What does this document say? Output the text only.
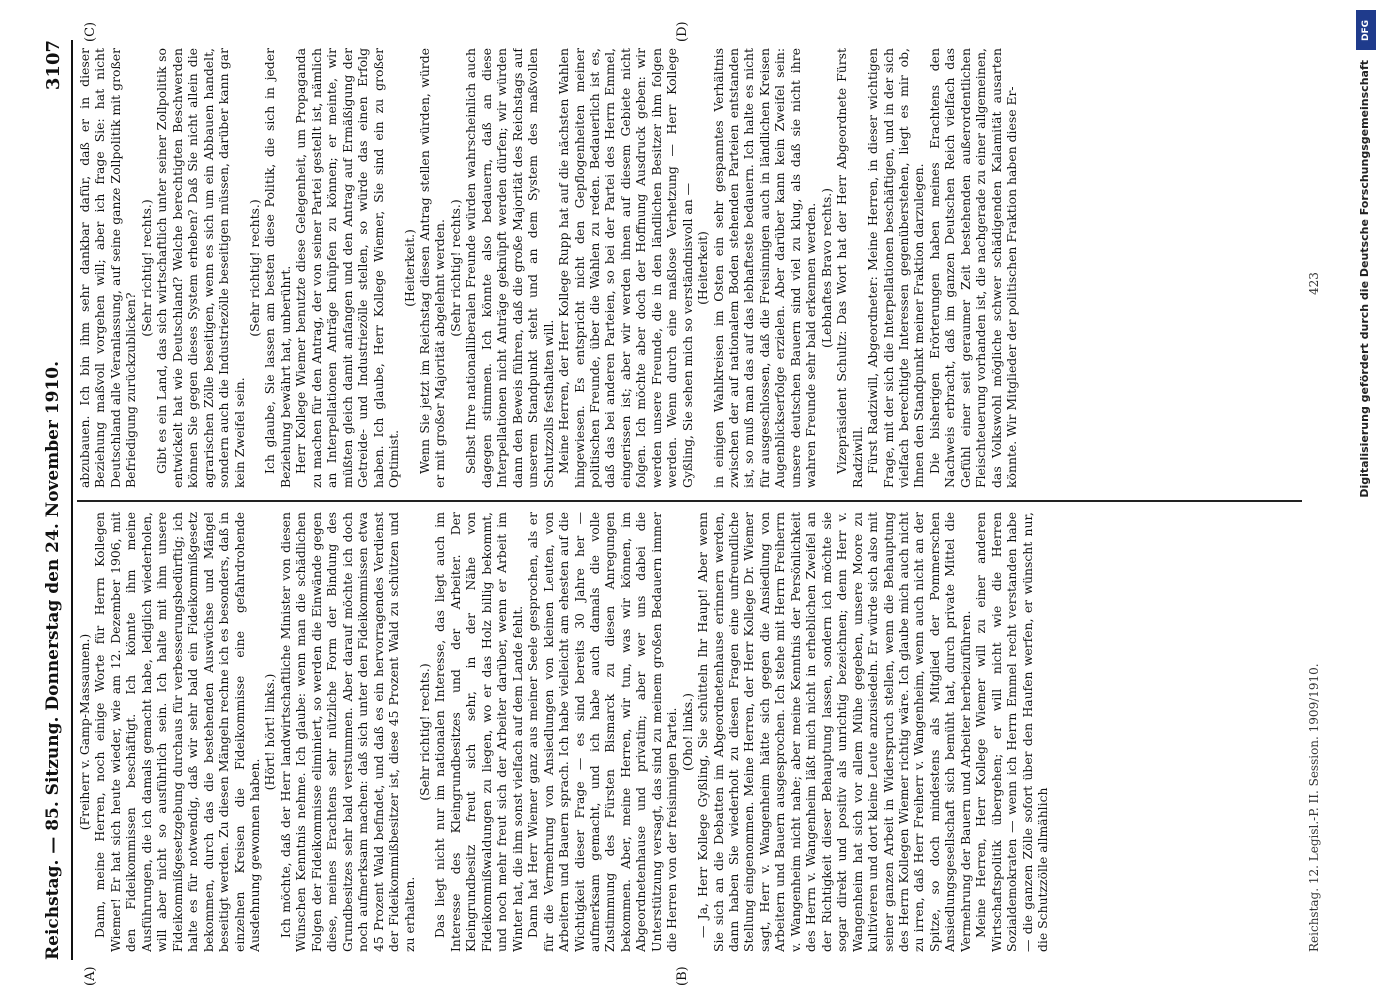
Reichstag. — 85. Sitzung. Donnerstag den 24. November 1910.
3107
(A)	(B)
(C)	(D)

(Freiherr v. Gamp-Massaunen.) Dann, meine Herren, noch einige Worte für Herrn Kollegen Wiemer! Er hat sich heute wieder, wie am 12. Dezember 1906, mit den Fideikommissen beschäftigt. Ich könnte ihm meine Ausführungen, die ich damals gemacht habe, lediglich wiederholen, will aber nicht so ausführlich sein. Ich halte mit ihm unsere Fideikommißgesetzgebung durchaus für verbesserungsbedürftig; ich halte es für notwendig, daß wir sehr bald ein Fideikommißgesetz bekommen, durch das die bestehenden Auswüchse und Mängel beseitigt werden. Zu diesen Mängeln rechne ich es besonders, daß in einzelnen Kreisen die Fideikommisse eine gefahrdrohende Ausdehnung gewonnen haben.

(Hört! hört! links.) Ich möchte, daß der Herr landwirtschaftliche Minister von diesen Wünschen Kenntnis nehme. Ich glaube: wenn man die schädlichen Folgen der Fideikommisse eliminiert, so werden die Einwände gegen diese, meines Erachtens sehr nützliche Form der Bindung des Grundbesitzes sehr bald verstummen. Aber darauf möchte ich doch noch aufmerksam machen: daß sich unter den Fideikommissen etwa 45 Prozent Wald befindet, und daß es ein hervorragendes Verdienst der Fideikommißbesitzer ist, diese 45 Prozent Wald zu schützen und zu erhalten.

(Sehr richtig! rechts.) Das liegt nicht nur im nationalen Interesse, das liegt auch im Interesse des Kleingrundbesitzes und der Arbeiter. Der Kleingrundbesitz freut sich sehr, in der Nähe von Fideikommißwaldungen zu liegen, wo er das Holz billig bekommt, und noch mehr freut sich der Arbeiter darüber, wenn er Arbeit im Winter hat, die ihm sonst vielfach auf dem Lande fehlt. Dann hat Herr Wiemer ganz aus meiner Seele gesprochen, als er für die Vermehrung von Ansiedlungen von kleinen Leuten, von Arbeitern und Bauern sprach. Ich habe vielleicht am ehesten auf die Wichtigkeit dieser Frage — es sind bereits 30 Jahre her — aufmerksam gemacht, und ich habe auch damals die volle Zustimmung des Fürsten Bismarck zu diesen Anregungen bekommen. Aber, meine Herren, wir tun, was wir können, im Abgeordnetenhause und privatim; aber wer uns dabei die Unterstützung versagt, das sind zu meinem großen Bedauern immer die Herren von der freisinnigen Partei. (Oho! links.) — Ja, Herr Kollege Gyßling, Sie schütteln Ihr Haupt! Aber wenn Sie sich an die Debatten im Abgeordnetenhause erinnern werden, dann haben Sie wiederholt zu diesen Fragen eine unfreundliche Stellung eingenommen. Meine Herren, der Herr Kollege Dr. Wiemer sagt, Herr v. Wangenheim hätte sich gegen die Ansiedlung von Arbeitern und Bauern ausgesprochen. Ich stehe mit Herrn Freiherrn v. Wangenheim nicht nahe; aber meine Kenntnis der Persönlichkeit des Herrn v. Wangenheim läßt mich nicht in erheblichen Zweifel an der Richtigkeit dieser Behauptung lassen, sondern ich möchte sie sogar direkt und positiv als unrichtig bezeichnen; denn Herr v. Wangenheim hat sich vor allem Mühe gegeben, unsere Moore zu kultivieren und dort kleine Leute anzusiedeln. Er würde sich also mit seiner ganzen Arbeit in Widerspruch stellen, wenn die Behauptung des Herrn Kollegen Wiemer richtig wäre. Ich glaube mich auch nicht zu irren, daß Herr Freiherr v. Wangenheim, wenn auch nicht an der Spitze, so doch mindestens als Mitglied der Pommerschen Ansiedlungsgesellschaft sich bemüht hat, durch private Mittel die Vermehrung der Bauern und Arbeiter herbeizuführen. Meine Herren, Herr Kollege Wiemer will zu einer anderen Wirtschaftspolitik übergehen; er will nicht wie die Herren Sozialdemokraten — wenn ich Herrn Emmel recht verstanden habe — die ganzen Zölle sofort über den Haufen werfen, er wünscht nur, die Schutzzölle allmählich

abzubauen. Ich bin ihm sehr dankbar dafür, daß er in dieser Beziehung maßvoll vorgehen will; aber ich frage Sie: hat nicht Deutschland alle Veranlassung, auf seine ganze Zollpolitik mit großer Befriedigung zurückzublicken?

(Sehr richtig! rechts.) Gibt es ein Land, das sich wirtschaftlich unter seiner Zollpolitik so entwickelt hat wie Deutschland? Welche berechtigten Beschwerden können Sie gegen dieses System erheben? Daß Sie nicht allein die agrarischen Zölle beseitigen, wenn es sich um ein Abbauen handelt, sondern auch die Industriezölle beseitigen müssen, darüber kann gar kein Zweifel sein.

(Sehr richtig! rechts.) Ich glaube, Sie lassen am besten diese Politik, die sich in jeder Beziehung bewährt hat, unberührt. Herr Kollege Wiemer benutzte diese Gelegenheit, um Propaganda zu machen für den Antrag, der von seiner Partei gestellt ist, nämlich an Interpellationen Anträge knüpfen zu können; er meinte, wir müßten gleich damit anfangen und den Antrag auf Ermäßigung der Getreide- und Industriezölle stellen, so würde das einen Erfolg haben. Ich glaube, Herr Kollege Wiemer, Sie sind ein zu großer Optimist.

(Heiterkeit.) Wenn Sie jetzt im Reichstag diesen Antrag stellen würden, würde er mit großer Majorität abgelehnt werden. (Sehr richtig! rechts.) Selbst Ihre nationalliberalen Freunde würden wahrscheinlich auch dagegen stimmen. Ich könnte also bedauern, daß an diese Interpellationen nicht Anträge geknüpft werden dürfen; wir würden dann den Beweis führen, daß die große Majorität des Reichstags auf unserem Standpunkt steht und an dem System des maßvollen Schutzzolls festhalten will. Meine Herren, der Herr Kollege Rupp hat auf die nächsten Wahlen hingewiesen. Es entspricht nicht den Gepflogenheiten meiner politischen Freunde, über die Wahlen zu reden. Bedauerlich ist es, daß das bei anderen Parteien, so bei der Partei des Herrn Emmel, eingerissen ist; aber wir werden ihnen auf diesem Gebiete nicht folgen. Ich möchte aber doch der Hoffnung Ausdruck geben: wir werden unsere Freunde, die in den ländlichen Besitzer ihm folgen werden. Wenn durch eine maßlose Verhetzung — Herr Kollege Gyßling, Sie sehen mich so verständnisvoll an — (Heiterkeit) in einigen Wahlkreisen im Osten ein sehr gespanntes Verhältnis zwischen der auf nationalem Boden stehenden Parteien entstanden ist, so muß man das auf das lebhafteste bedauern. Ich halte es nicht für ausgeschlossen, daß die Freisinnigen auch in ländlichen Kreisen Augenblickserfolge erzielen. Aber darüber kann kein Zweifel sein: unsere deutschen Bauern sind viel zu klug, als daß sie nicht ihre wahren Freunde sehr bald erkennen werden. (Lebhaftes Bravo rechts.) Vizepräsident Schultz: Das Wort hat der Herr Abgeordnete Fürst Radziwill. Fürst Radziwill, Abgeordneter: Meine Herren, in dieser wichtigen Frage, mit der sich die Interpellationen beschäftigen, und in der sich vielfach berechtigte Interessen gegenüberstehen, liegt es mir ob, Ihnen den Standpunkt meiner Fraktion darzulegen. Die bisherigen Erörterungen haben meines Erachtens den Nachweis erbracht, daß im ganzen Deutschen Reich vielfach das Gefühl einer seit geraumer Zeit bestehenden außerordentlichen Fleischteuerung vorhanden ist, die nachgerade zu einer allgemeinen, das Volkswohl mögliche schwer schädigenden Kalamität ausarten könnte. Wir Mitglieder der politischen Fraktion haben diese Er-

Reichstag. 12. Legisl.-P. II. Session. 1909/1910.
423
DFG
Digitalisierung gefördert durch die Deutsche Forschungsgemeinschaft
